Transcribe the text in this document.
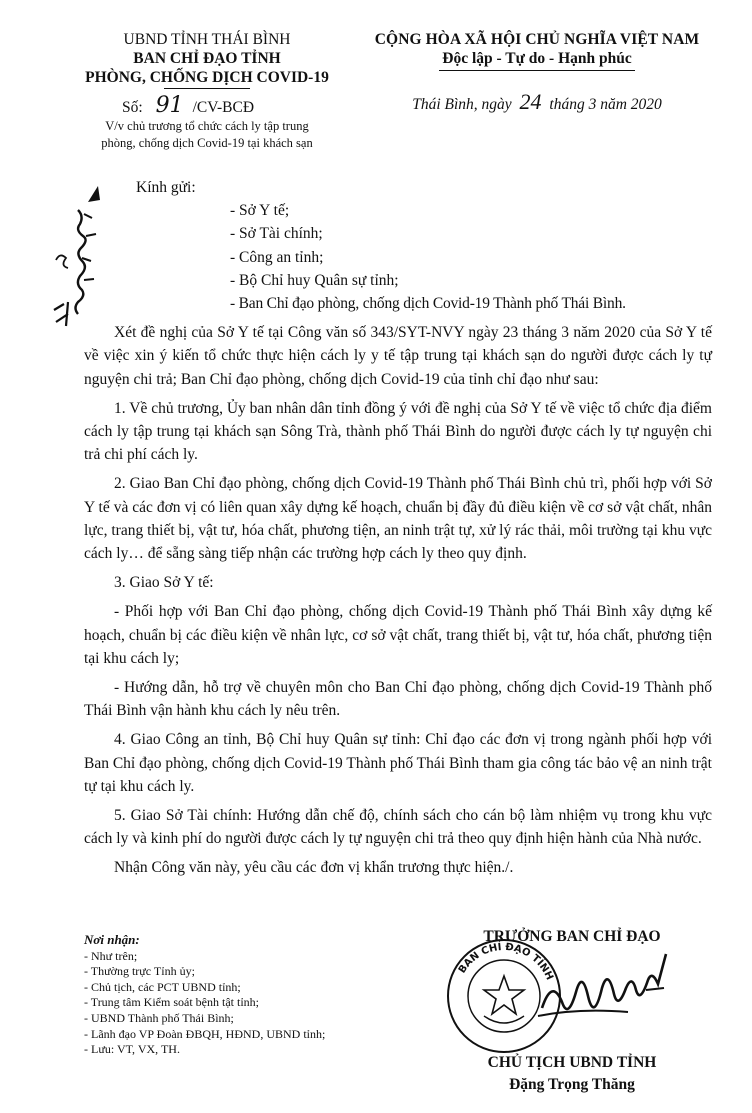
UBND TỈNH THÁI BÌNH
BAN CHỈ ĐẠO TỈNH
PHÒNG, CHỐNG DỊCH COVID-19
Số: 91 /CV-BCĐ
V/v chủ trương tổ chức cách ly tập trung
phòng, chống dịch Covid-19 tại khách sạn
CỘNG HÒA XÃ HỘI CHỦ NGHĨA VIỆT NAM
Độc lập - Tự do - Hạnh phúc
Thái Bình, ngày 24 tháng 3 năm 2020

Kính gửi:

- Sở Y tế;

- Sở Tài chính;

- Công an tỉnh;

- Bộ Chỉ huy Quân sự tỉnh;

- Ban Chỉ đạo phòng, chống dịch Covid-19 Thành phố Thái Bình.

Xét đề nghị của Sở Y tế tại Công văn số 343/SYT-NVY ngày 23 tháng 3 năm 2020 của Sở Y tế về việc xin ý kiến tổ chức thực hiện cách ly y tế tập trung tại khách sạn do người được cách ly tự nguyện chi trả; Ban Chỉ đạo phòng, chống dịch Covid-19 của tỉnh chỉ đạo như sau:

1. Về chủ trương, Ủy ban nhân dân tỉnh đồng ý với đề nghị của Sở Y tế về việc tổ chức địa điểm cách ly tập trung tại khách sạn Sông Trà, thành phố Thái Bình do người được cách ly tự nguyện chi trả chi phí cách ly.

2. Giao Ban Chỉ đạo phòng, chống dịch Covid-19 Thành phố Thái Bình chủ trì, phối hợp với Sở Y tế và các đơn vị có liên quan xây dựng kế hoạch, chuẩn bị đầy đủ điều kiện về cơ sở vật chất, nhân lực, trang thiết bị, vật tư, hóa chất, phương tiện, an ninh trật tự, xử lý rác thải, môi trường tại khu vực cách ly… để sẵng sàng tiếp nhận các trường hợp cách ly theo quy định.

3. Giao Sở Y tế:

- Phối hợp với Ban Chỉ đạo phòng, chống dịch Covid-19 Thành phố Thái Bình xây dựng kế hoạch, chuẩn bị các điều kiện về nhân lực, cơ sở vật chất, trang thiết bị, vật tư, hóa chất, phương tiện tại khu cách ly;

- Hướng dẫn, hỗ trợ về chuyên môn cho Ban Chỉ đạo phòng, chống dịch Covid-19 Thành phố Thái Bình vận hành khu cách ly nêu trên.

4. Giao Công an tỉnh, Bộ Chỉ huy Quân sự tỉnh: Chỉ đạo các đơn vị trong ngành phối hợp với Ban Chỉ đạo phòng, chống dịch Covid-19 Thành phố Thái Bình tham gia công tác bảo vệ an ninh trật tự tại khu cách ly.

5. Giao Sở Tài chính: Hướng dẫn chế độ, chính sách cho cán bộ làm nhiệm vụ trong khu vực cách ly và kinh phí do người được cách ly tự nguyện chi trả theo quy định hiện hành của Nhà nước.

Nhận Công văn này, yêu cầu các đơn vị khẩn trương thực hiện./.

Nơi nhận:
- Như trên;
- Thường trực Tỉnh ủy;
- Chủ tịch, các PCT UBND tỉnh;
- Trung tâm Kiểm soát bệnh tật tỉnh;
- UBND Thành phố Thái Bình;
- Lãnh đạo VP Đoàn ĐBQH, HĐND, UBND tỉnh;
- Lưu: VT, VX, TH.
TRƯỞNG BAN CHỈ ĐẠO
BAN CHỈ ĐẠO TỈNH
CHỦ TỊCH UBND TỈNH
Đặng Trọng Thăng
